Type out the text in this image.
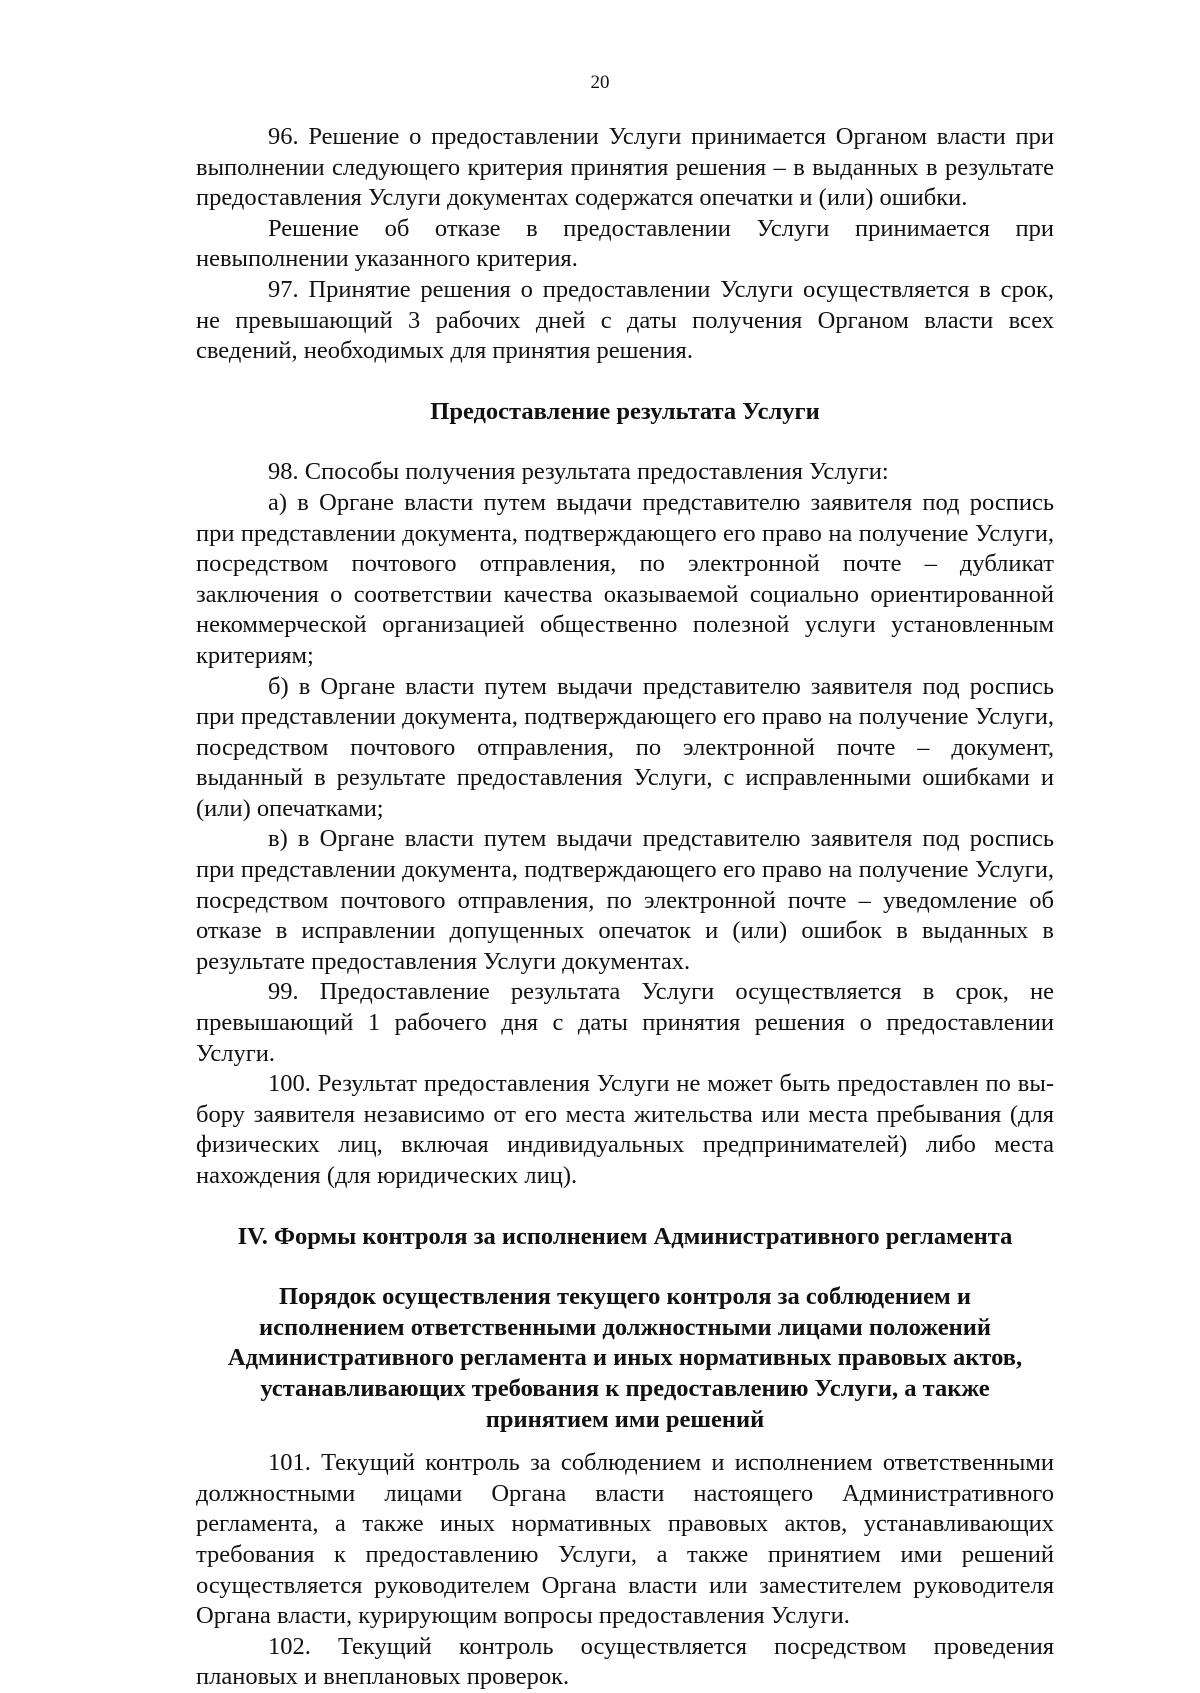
20

96. Решение о предоставлении Услуги принимается Органом власти при выполнении следующего критерия принятия решения – в выданных в результате предоставления Услуги документах содержатся опечатки и (или) ошибки.

Решение об отказе в предоставлении Услуги принимается при невыполнении указанного критерия.

97. Принятие решения о предоставлении Услуги осуществляется в срок, не превышающий 3 рабочих дней с даты получения Органом власти всех сведений, необходимых для принятия решения.

Предоставление результата Услуги

98. Способы получения результата предоставления Услуги:

а) в Органе власти путем выдачи представителю заявителя под роспись при представлении документа, подтверждающего его право на получение Услуги, посредством почтового отправления, по электронной почте – дубликат заключения о соответствии качества оказываемой социально ориентированной некоммерческой организацией общественно полезной услуги установленным критериям;

б) в Органе власти путем выдачи представителю заявителя под роспись при представлении документа, подтверждающего его право на получение Услуги, посредством почтового отправления, по электронной почте – документ, выданный в результате предоставления Услуги, с исправленными ошибками и (или) опечатками;

в) в Органе власти путем выдачи представителю заявителя под роспись при представлении документа, подтверждающего его право на получение Услуги, посредством почтового отправления, по электронной почте – уведомление об отказе в исправлении допущенных опечаток и (или) ошибок в выданных в результате предоставления Услуги документах.

99. Предоставление результата Услуги осуществляется в срок, не превышающий 1 рабочего дня с даты принятия решения о предоставлении Услуги.

100. Результат предоставления Услуги не может быть предоставлен по выбору заявителя независимо от его места жительства или места пребывания (для физических лиц, включая индивидуальных предпринимателей) либо места нахождения (для юридических лиц).

IV. Формы контроля за исполнением Административного регламента

Порядок осуществления текущего контроля за соблюдением и исполнением ответственными должностными лицами положений Административного регламента и иных нормативных правовых актов, устанавливающих требования к предоставлению Услуги, а также принятием ими решений

101. Текущий контроль за соблюдением и исполнением ответственными должностными лицами Органа власти настоящего Административного регламента, а также иных нормативных правовых актов, устанавливающих требования к предоставлению Услуги, а также принятием ими решений осуществляется руководителем Органа власти или заместителем руководителя Органа власти, курирующим вопросы предоставления Услуги.

102. Текущий контроль осуществляется посредством проведения плановых и внеплановых проверок.
